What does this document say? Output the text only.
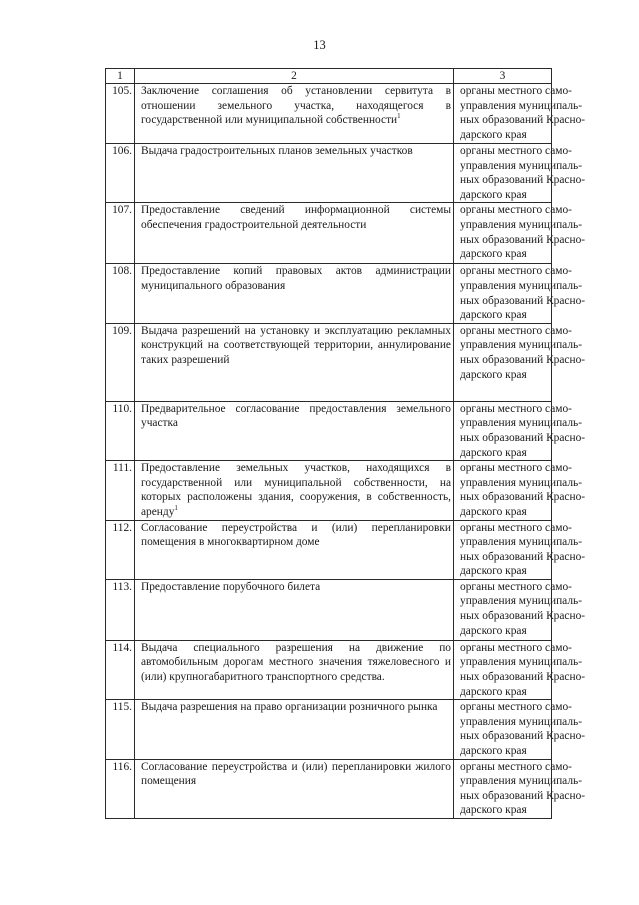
13
1	2	3
105.	Заключение соглашения об установлении сервитута в отношении земельного участка, находящегося в государственной или муниципальной собственности$^1$	органы местного само-
управления муниципаль-
ных образований Красно-
дарского края

106.	Выдача градостроительных планов земельных участков	органы местного само-
управления муниципаль-
ных образований Красно-
дарского края

107.	Предоставление сведений информационной системы обеспечения градостроительной деятельности	органы местного само-
управления муниципаль-
ных образований Красно-
дарского края

108.	Предоставление копий правовых актов администрации муниципального образования	органы местного само-
управления муниципаль-
ных образований Красно-
дарского края

109.	Выдача разрешений на установку и эксплуатацию рекламных конструкций на соответствующей территории, аннулирование таких разрешений	органы местного само-
управления муниципаль-
ных образований Красно-
дарского края

110.	Предварительное согласование предоставления земельного участка	органы местного само-
управления муниципаль-
ных образований Красно-
дарского края

111.	Предоставление земельных участков, находящихся в государственной или муниципальной собственности, на которых расположены здания, сооружения, в собственность, аренду$^1$	органы местного само-
управления муниципаль-
ных образований Красно-
дарского края

112.	Согласование переустройства и (или) перепланировки помещения в многоквартирном доме	органы местного само-
управления муниципаль-
ных образований Красно-
дарского края

113.	Предоставление порубочного билета	органы местного само-
управления муниципаль-
ных образований Красно-
дарского края

114.	Выдача специального разрешения на движение по автомобильным дорогам местного значения тяжеловесного и (или) крупногабаритного транспортного средства.	органы местного само-
управления муниципаль-
ных образований Красно-
дарского края

115.	Выдача разрешения на право организации розничного рынка	органы местного само-
управления муниципаль-
ных образований Красно-
дарского края

116.	Согласование переустройства и (или) перепланировки жилого помещения	органы местного само-
управления муниципаль-
ных образований Красно-
дарского края
